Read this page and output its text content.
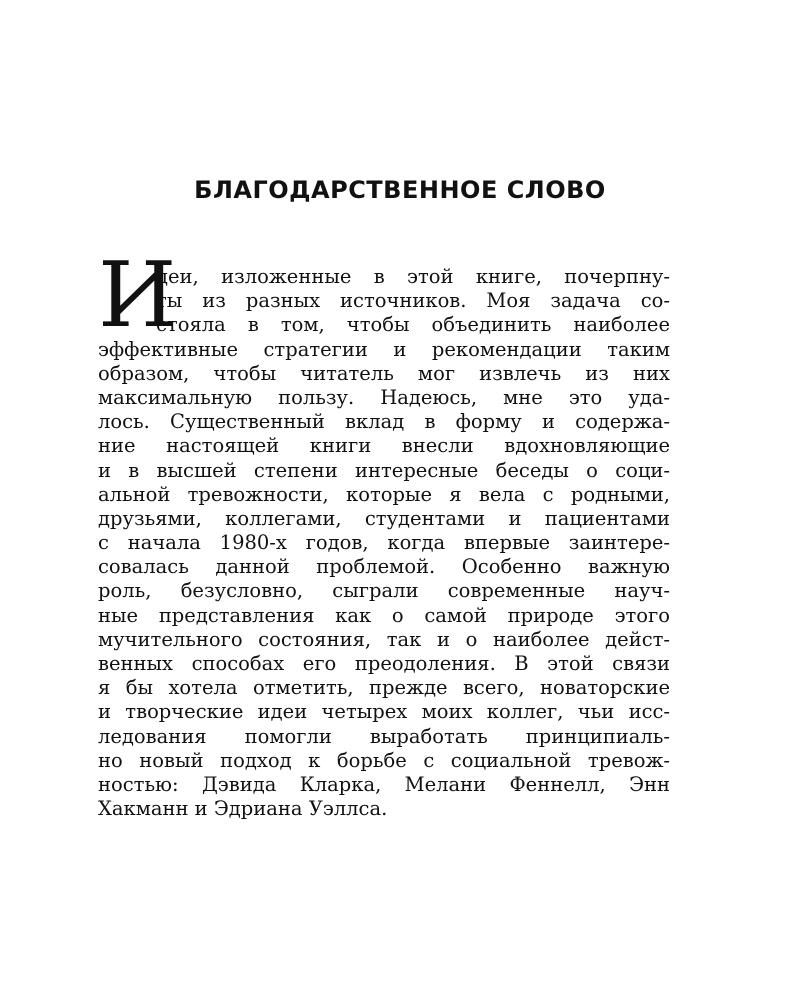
БЛАГОДАРСТВЕННОЕ СЛОВО
И
деи, изложенные в этой книге, почерпну-
ты из разных источников. Моя задача со-
стояла в том, чтобы объединить наиболее
эффективные стратегии и рекомендации таким
образом, чтобы читатель мог извлечь из них
максимальную пользу. Надеюсь, мне это уда-
лось. Существенный вклад в форму и содержа-
ние настоящей книги внесли вдохновляющие
и в высшей степени интересные беседы о соци-
альной тревожности, которые я вела с родными,
друзьями, коллегами, студентами и пациентами
с начала 1980-х годов, когда впервые заинтере-
совалась данной проблемой. Особенно важную
роль, безусловно, сыграли современные науч-
ные представления как о самой природе этого
мучительного состояния, так и о наиболее дейст-
венных способах его преодоления. В этой связи
я бы хотела отметить, прежде всего, новаторские
и творческие идеи четырех моих коллег, чьи исс-
ледования помогли выработать принципиаль-
но новый подход к борьбе с социальной тревож-
ностью: Дэвида Кларка, Мелани Феннелл, Энн
Хакманн и Эдриана Уэллса.
